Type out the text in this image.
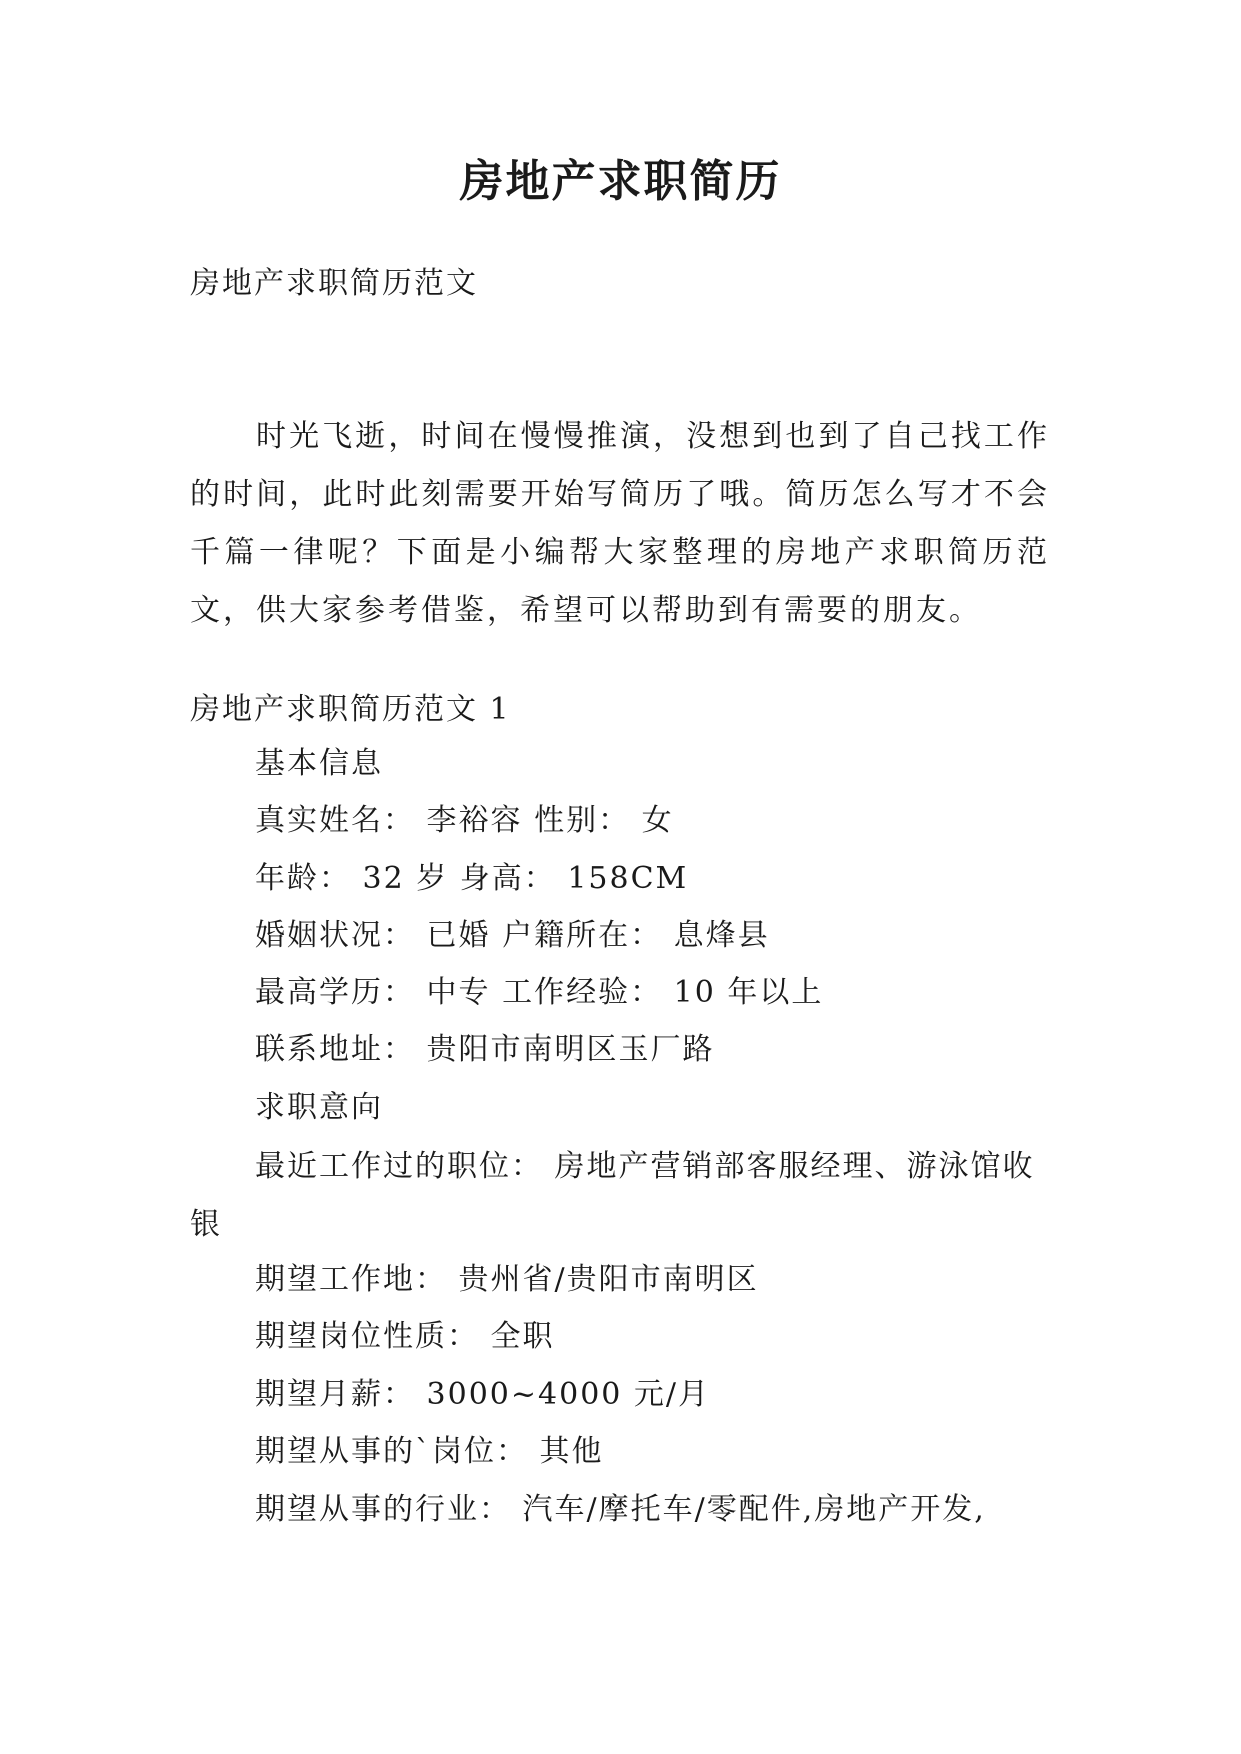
房地产求职简历
房地产求职简历范文

时光飞逝，时间在慢慢推演，没想到也到了自己找工作的时间，此时此刻需要开始写简历了哦。简历怎么写才不会千篇一律呢？下面是小编帮大家整理的房地产求职简历范文，供大家参考借鉴，希望可以帮助到有需要的朋友。

房地产求职简历范文 1
基本信息
真实姓名： 李裕容 性别： 女
年龄： 32 岁 身高： 158CM
婚姻状况： 已婚 户籍所在： 息烽县
最高学历： 中专 工作经验： 10 年以上
联系地址： 贵阳市南明区玉厂路
求职意向

最近工作过的职位： 房地产营销部客服经理、游泳馆收银

期望工作地： 贵州省/贵阳市南明区
期望岗位性质： 全职
期望月薪： 3000~4000 元/月
期望从事的`岗位： 其他
期望从事的行业： 汽车/摩托车/零配件,房地产开发,
